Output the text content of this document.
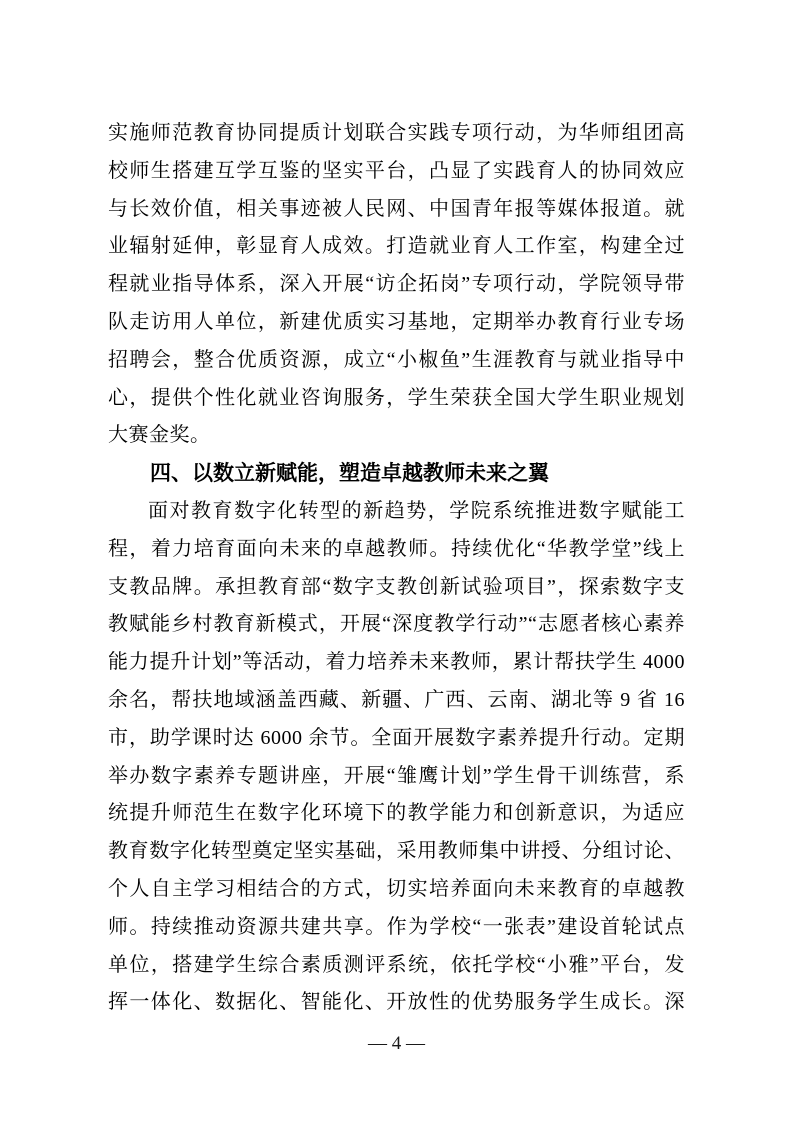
实施师范教育协同提质计划联合实践专项行动，为华师组团高
校师生搭建互学互鉴的坚实平台，凸显了实践育人的协同效应
与长效价值，相关事迹被人民网、中国青年报等媒体报道。就
业辐射延伸，彰显育人成效。打造就业育人工作室，构建全过
程就业指导体系，深入开展“访企拓岗”专项行动，学院领导带
队走访用人单位，新建优质实习基地，定期举办教育行业专场
招聘会，整合优质资源，成立“小椒鱼”生涯教育与就业指导中
心，提供个性化就业咨询服务，学生荣获全国大学生职业规划
大赛金奖。
四、以数立新赋能，塑造卓越教师未来之翼
面对教育数字化转型的新趋势，学院系统推进数字赋能工
程，着力培育面向未来的卓越教师。持续优化“华教学堂”线上
支教品牌。承担教育部“数字支教创新试验项目”，探索数字支
教赋能乡村教育新模式，开展“深度教学行动”“志愿者核心素养
能力提升计划”等活动，着力培养未来教师，累计帮扶学生 4000
余名，帮扶地域涵盖西藏、新疆、广西、云南、湖北等 9 省 16
市，助学课时达 6000 余节。全面开展数字素养提升行动。定期
举办数字素养专题讲座，开展“雏鹰计划”学生骨干训练营，系
统提升师范生在数字化环境下的教学能力和创新意识，为适应
教育数字化转型奠定坚实基础，采用教师集中讲授、分组讨论、
个人自主学习相结合的方式，切实培养面向未来教育的卓越教
师。持续推动资源共建共享。作为学校“一张表”建设首轮试点
单位，搭建学生综合素质测评系统，依托学校“小雅”平台，发
挥一体化、数据化、智能化、开放性的优势服务学生成长。深
— 4 —
